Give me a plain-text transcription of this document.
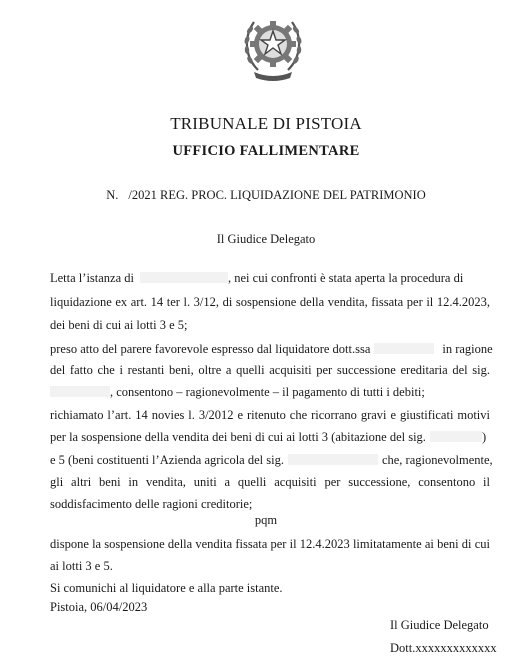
TRIBUNALE DI PISTOIA
UFFICIO FALLIMENTARE
N. /2021 REG. PROC. LIQUIDAZIONE DEL PATRIMONIO
Il Giudice Delegato
Letta l’istanza di	, nei cui confronti è stata aperta la procedura di
liquidazione ex art. 14 ter l. 3/12, di sospensione della vendita, fissata per il 12.4.2023,
dei beni di cui ai lotti 3 e 5;
preso atto del parere favorevole espresso dal liquidatore dott.ssa	in ragione
del fatto che i restanti beni, oltre a quelli acquisiti per successione ereditaria del sig.
, consentono – ragionevolmente – il pagamento di tutti i debiti;
richiamato l’art. 14 novies l. 3/2012 e ritenuto che ricorrano gravi e giustificati motivi
per la sospensione della vendita dei beni di cui ai lotti 3 (abitazione del sig.	)
e 5 (beni costituenti l’Azienda agricola del sig.	che, ragionevolmente,
gli altri beni in vendita, uniti a quelli acquisiti per successione, consentono il
soddisfacimento delle ragioni creditorie;
pqm
dispone la sospensione della vendita fissata per il 12.4.2023 limitatamente ai beni di cui
ai lotti 3 e 5.
Si comunichi al liquidatore e alla parte istante.
Pistoia, 06/04/2023
Il Giudice Delegato
Dott.xxxxxxxxxxxxx
